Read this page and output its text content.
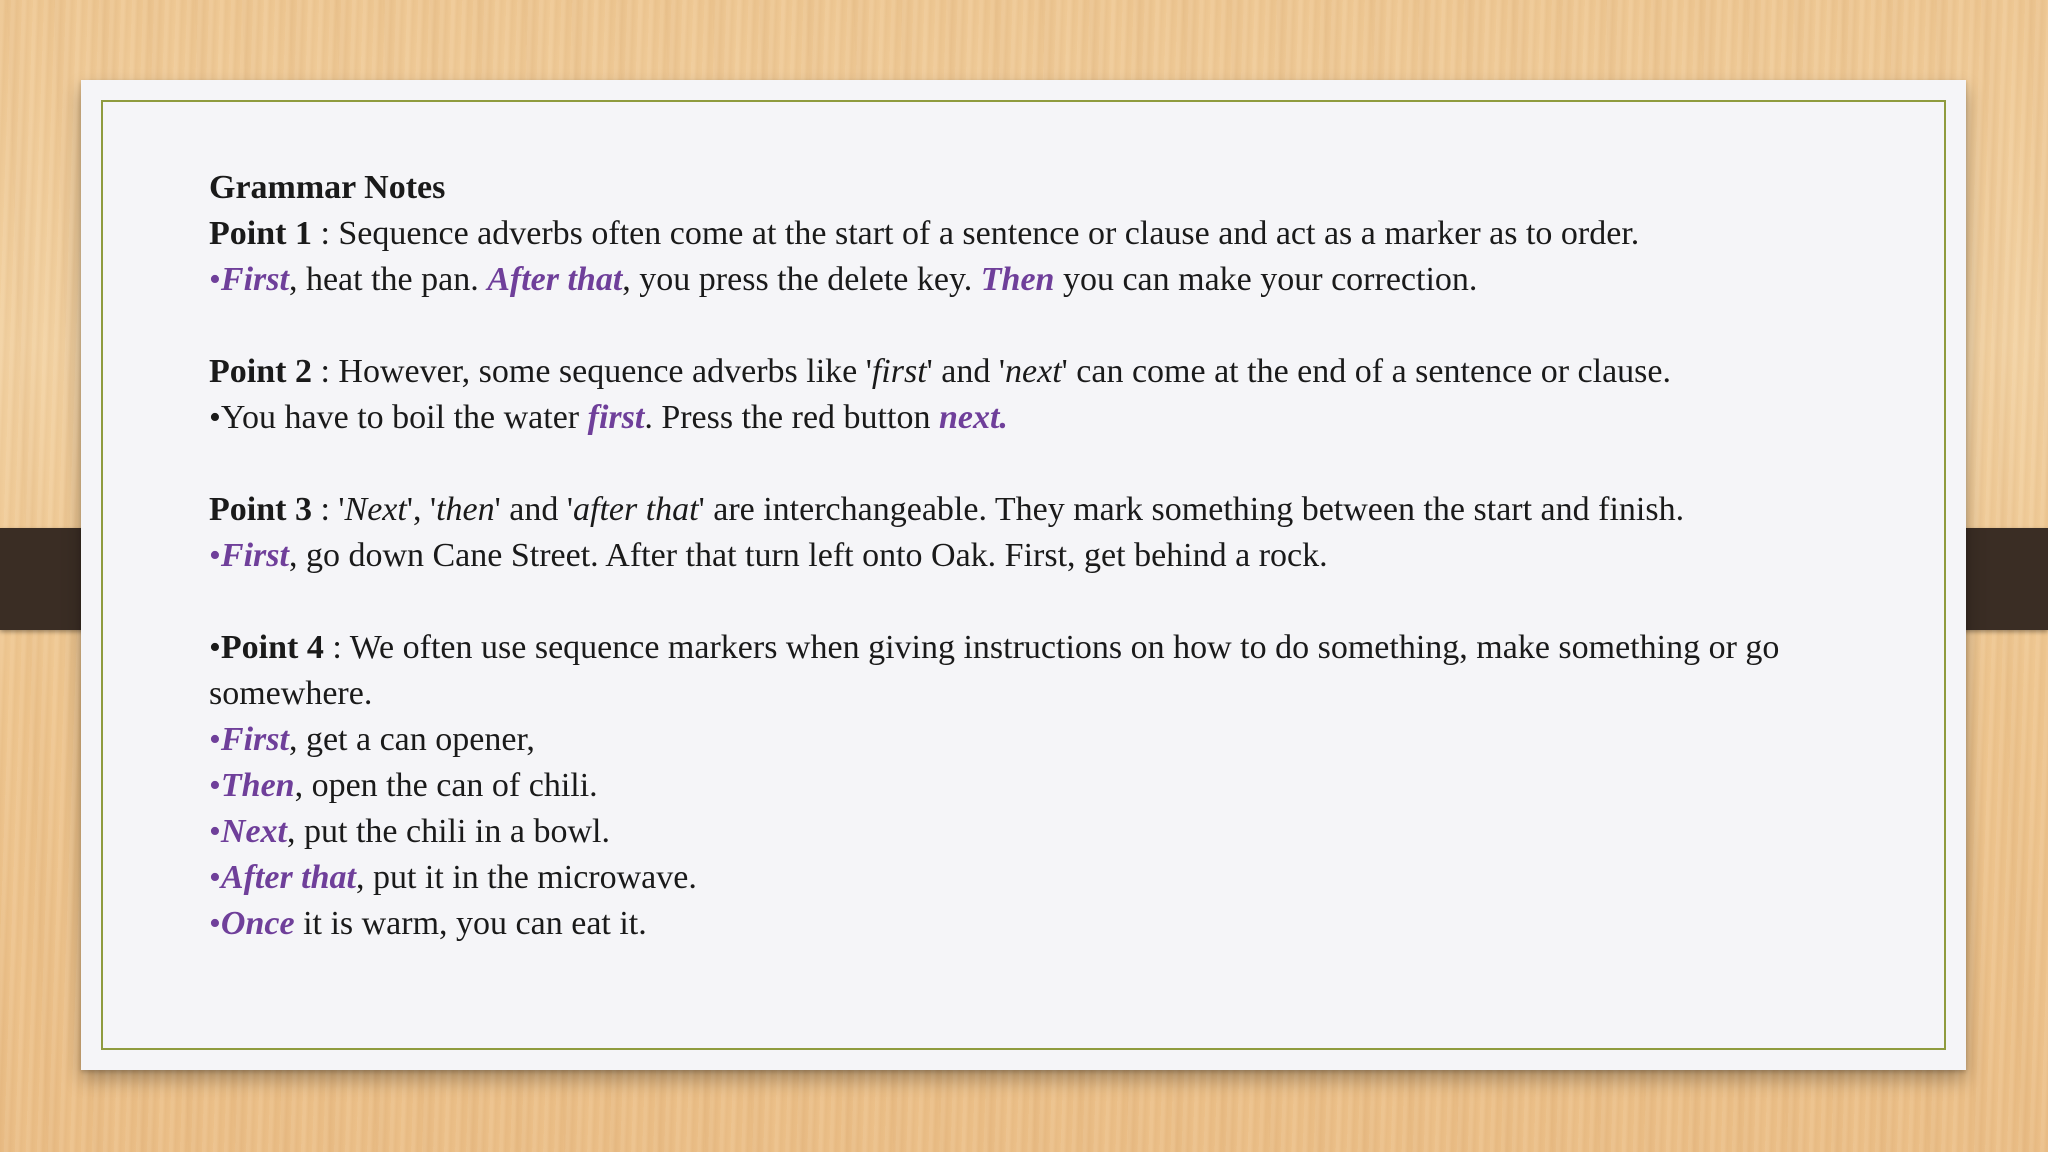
Grammar Notes

Point 1 : Sequence adverbs often come at the start of a sentence or clause and act as a marker as to order.

•First, heat the pan. After that, you press the delete key. Then you can make your correction.

Point 2 : However, some sequence adverbs like 'first' and 'next' can come at the end of a sentence or clause.

•You have to boil the water first. Press the red button next.

Point 3 : 'Next', 'then' and 'after that' are interchangeable. They mark something between the start and finish.

•First, go down Cane Street. After that turn left onto Oak. First, get behind a rock.

•Point 4 : We often use sequence markers when giving instructions on how to do something, make something or go somewhere.

•First, get a can opener,

•Then, open the can of chili.

•Next, put the chili in a bowl.

•After that, put it in the microwave.

•Once it is warm, you can eat it.
